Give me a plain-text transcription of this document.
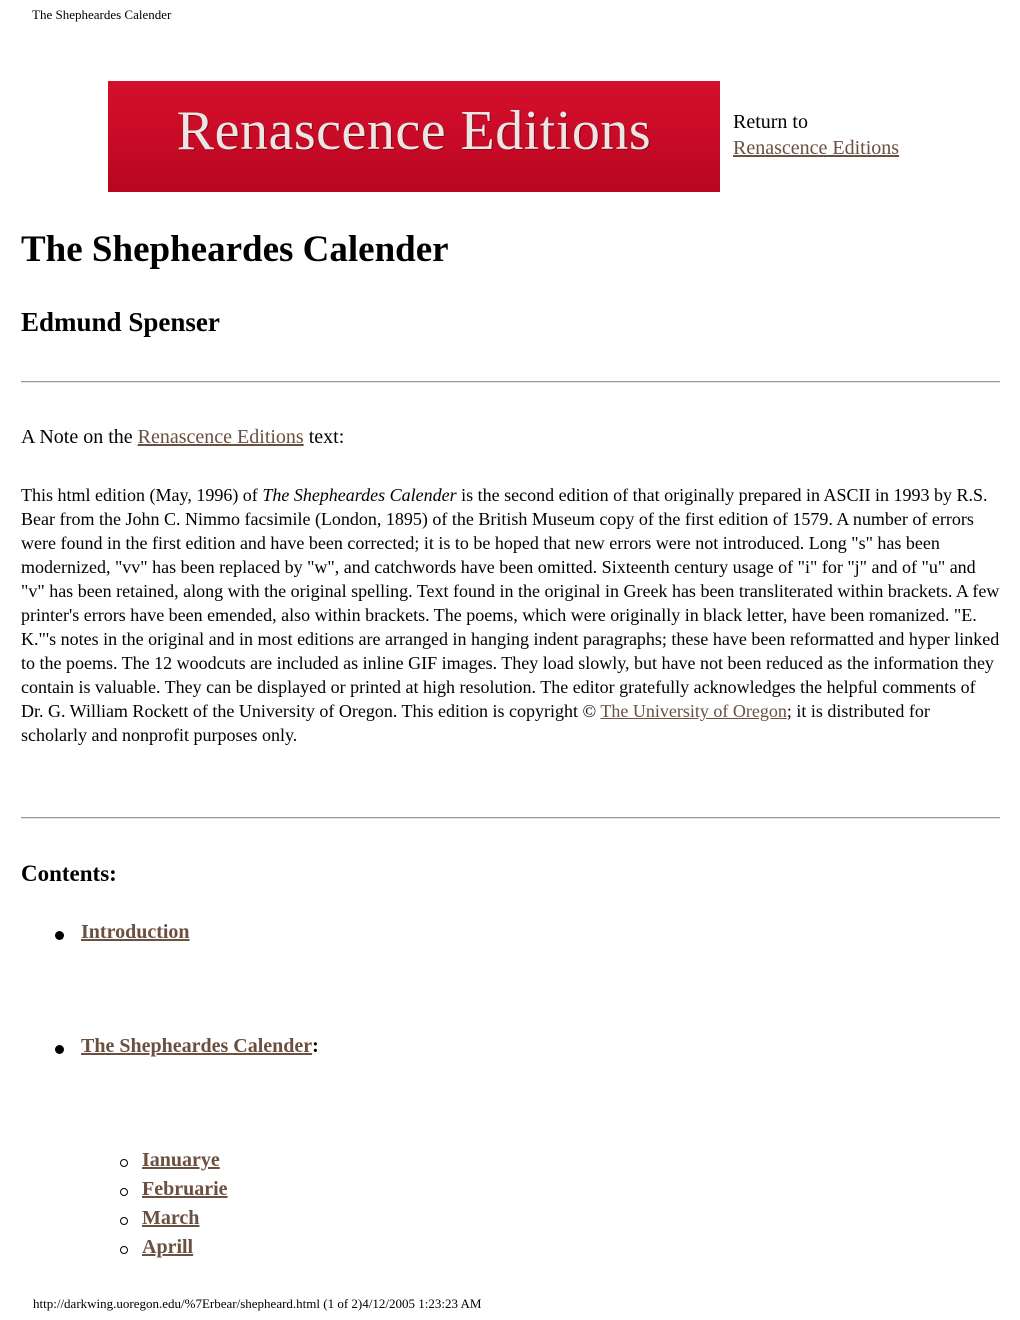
The Shepheardes Calender
Renascence Editions	Return to
Renascence Editions
The Shepheardes Calender
Edmund Spenser
A Note on the Renascence Editions text:

This html edition (May, 1996) of The Shepheardes Calender is the second edition of that originally prepared in ASCII in 1993 by R.S. Bear from the John C. Nimmo facsimile (London, 1895) of the British Museum copy of the first edition of 1579. A number of errors were found in the first edition and have been corrected; it is to be hoped that new errors were not introduced. Long "s" has been modernized, "vv" has been replaced by "w", and catchwords have been omitted. Sixteenth century usage of "i" for "j" and of "u" and "v" has been retained, along with the original spelling. Text found in the original in Greek has been transliterated within brackets. A few printer's errors have been emended, also within brackets. The poems, which were originally in black letter, have been romanized. "E. K."'s notes in the original and in most editions are arranged in hanging indent paragraphs; these have been reformatted and hyper linked to the poems. The 12 woodcuts are included as inline GIF images. They load slowly, but have not been reduced as the information they contain is valuable. They can be displayed or printed at high resolution. The editor gratefully acknowledges the helpful comments of Dr. G. William Rockett of the University of Oregon. This edition is copyright © The University of Oregon; it is distributed for scholarly and nonprofit purposes only.

Contents:
Introduction
The Shepheardes Calender:
Ianuarye
Februarie
March
Aprill
http://darkwing.uoregon.edu/%7Erbear/shepheard.html (1 of 2)4/12/2005 1:23:23 AM
